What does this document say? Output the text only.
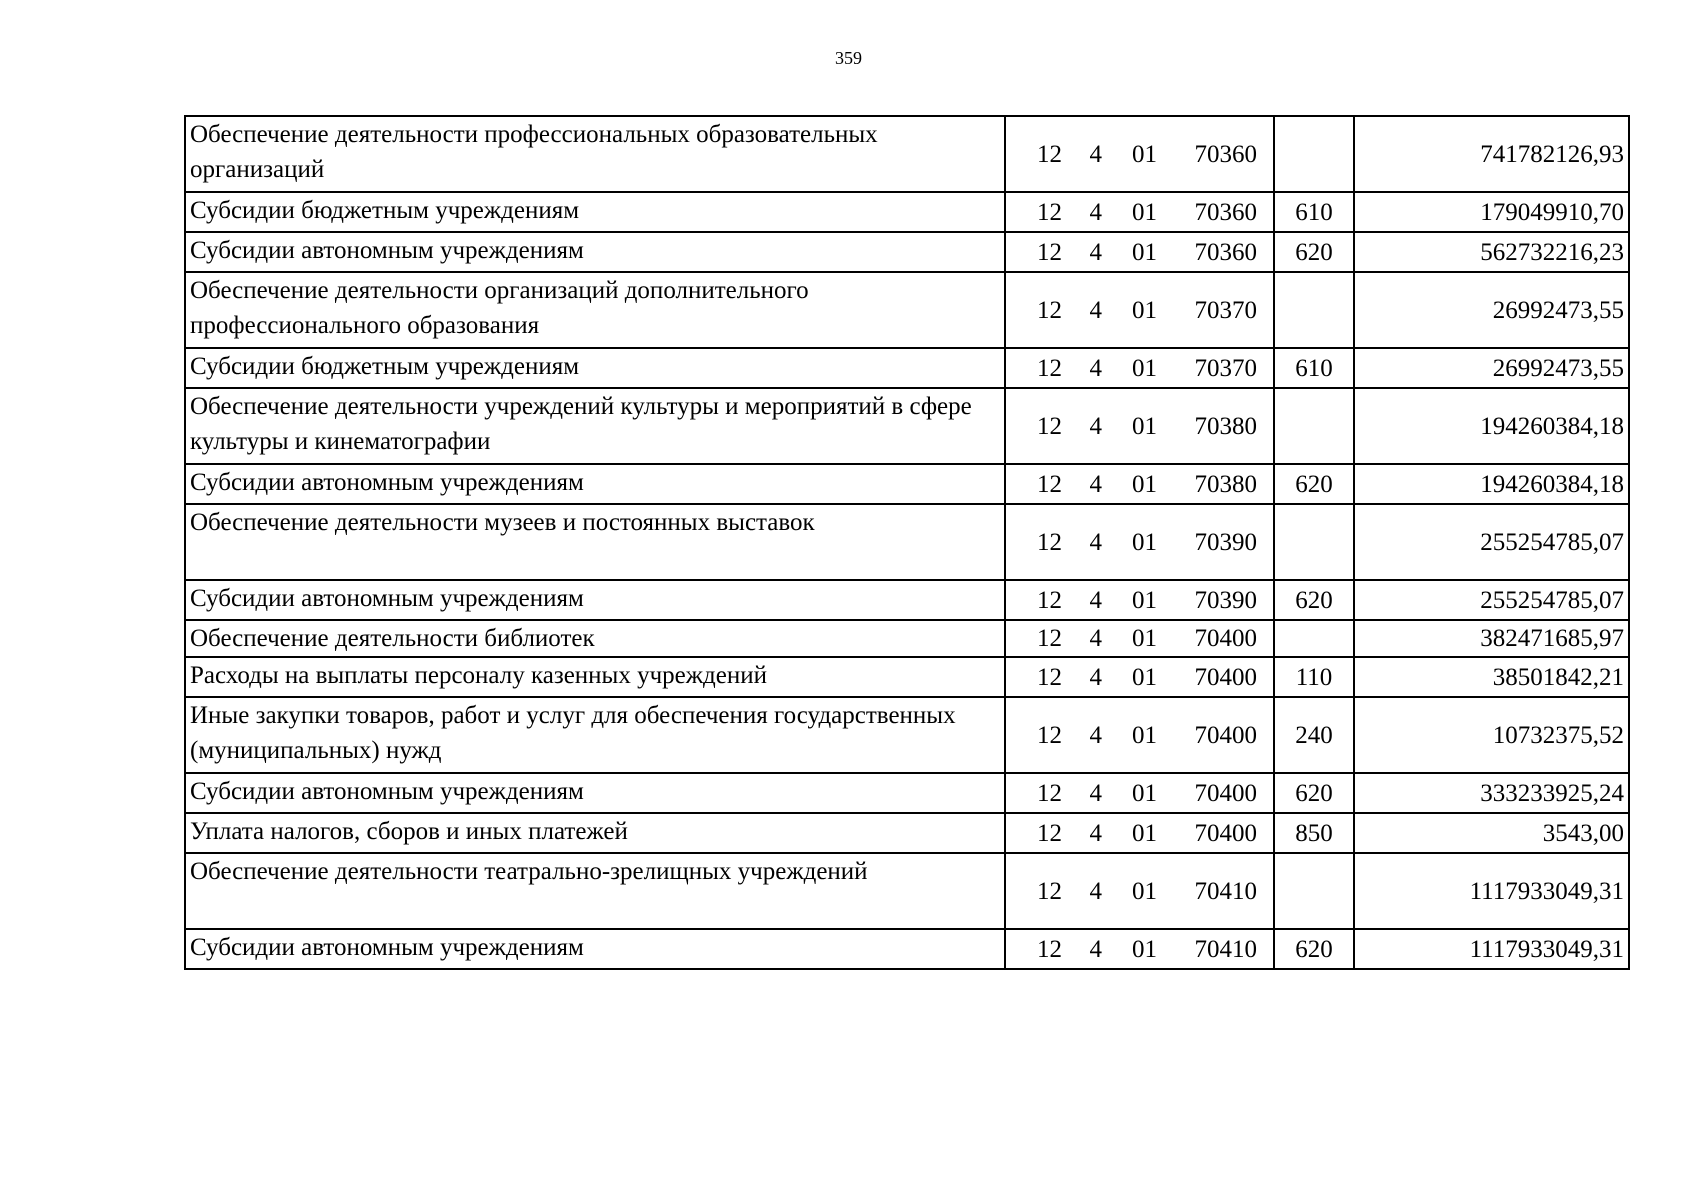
359
Обеспечение деятельности профессиональных образовательных организаций	12 4 01 70360		741782126,93
Субсидии бюджетным учреждениям	12 4 01 70360	610	179049910,70
Субсидии автономным учреждениям	12 4 01 70360	620	562732216,23
Обеспечение деятельности организаций дополнительного профессионального образования	12 4 01 70370		26992473,55
Субсидии бюджетным учреждениям	12 4 01 70370	610	26992473,55
Обеспечение деятельности учреждений культуры и мероприятий в сфере культуры и кинематографии	12 4 01 70380		194260384,18
Субсидии автономным учреждениям	12 4 01 70380	620	194260384,18
Обеспечение деятельности музеев и постоянных выставок	12 4 01 70390		255254785,07
Субсидии автономным учреждениям	12 4 01 70390	620	255254785,07
Обеспечение деятельности библиотек	12 4 01 70400		382471685,97
Расходы на выплаты персоналу казенных учреждений	12 4 01 70400	110	38501842,21
Иные закупки товаров, работ и услуг для обеспечения государственных (муниципальных) нужд	12 4 01 70400	240	10732375,52
Субсидии автономным учреждениям	12 4 01 70400	620	333233925,24
Уплата налогов, сборов и иных платежей	12 4 01 70400	850	3543,00
Обеспечение деятельности театрально-зрелищных учреждений	12 4 01 70410		1117933049,31
Субсидии автономным учреждениям	12 4 01 70410	620	1117933049,31
